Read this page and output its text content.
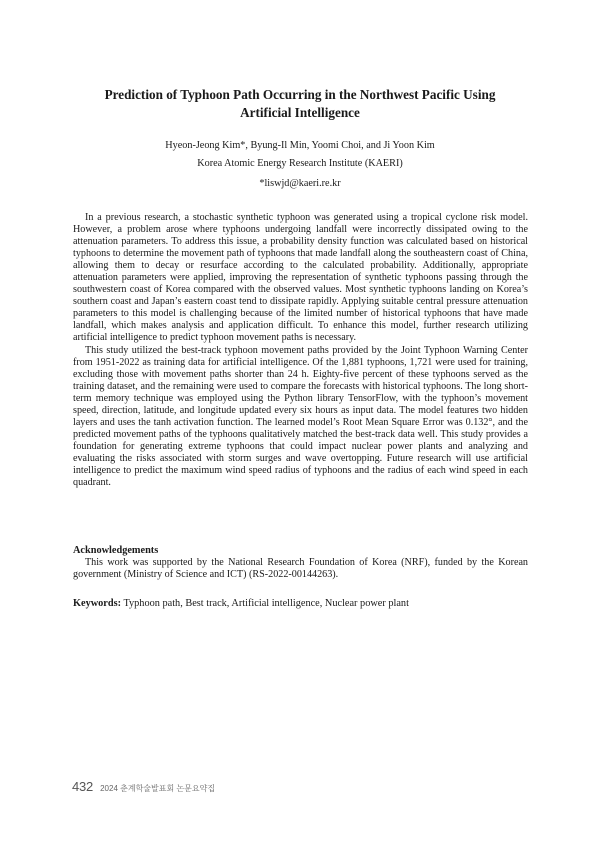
Prediction of Typhoon Path Occurring in the Northwest Pacific Using
Artificial Intelligence
Hyeon-Jeong Kim*, Byung-Il Min, Yoomi Choi, and Ji Yoon Kim
Korea Atomic Energy Research Institute (KAERI)
*liswjd@kaeri.re.kr

In a previous research, a stochastic synthetic typhoon was generated using a tropical cyclone risk model. However, a problem arose where typhoons undergoing landfall were incorrectly dissipated owing to the attenuation parameters. To address this issue, a probability density function was calculated based on historical typhoons to determine the movement path of typhoons that made landfall along the southeastern coast of China, allowing them to decay or resurface according to the calculated probability. Additionally, appropriate attenuation parameters were applied, improving the representation of synthetic typhoons passing through the southwestern coast of Korea compared with the observed values. Most synthetic typhoons landing on Korea’s southern coast and Japan’s eastern coast tend to dissipate rapidly. Applying suitable central pressure attenuation parameters to this model is challenging because of the limited number of historical typhoons that have made landfall, which makes analysis and application difficult. To enhance this model, further research utilizing artificial intelligence to predict typhoon movement paths is necessary.

This study utilized the best-track typhoon movement paths provided by the Joint Typhoon Warning Center from 1951-2022 as training data for artificial intelligence. Of the 1,881 typhoons, 1,721 were used for training, excluding those with movement paths shorter than 24 h. Eighty-five percent of these typhoons served as the training dataset, and the remaining were used to compare the forecasts with historical typhoons. The long short-term memory technique was employed using the Python library TensorFlow, with the typhoon’s movement speed, direction, latitude, and longitude updated every six hours as input data. The model features two hidden layers and uses the tanh activation function. The learned model’s Root Mean Square Error was 0.132°, and the predicted movement paths of the typhoons qualitatively matched the best-track data well. This study provides a foundation for generating extreme typhoons that could impact nuclear power plants and analyzing and evaluating the risks associated with storm surges and wave overtopping. Future research will use artificial intelligence to predict the maximum wind speed radius of typhoons and the radius of each wind speed in each quadrant.

Acknowledgements
This work was supported by the National Research Foundation of Korea (NRF), funded by the Korean government (Ministry of Science and ICT) (RS-2022-00144263).
Keywords: Typhoon path, Best track, Artificial intelligence, Nuclear power plant
432 2024 춘계학술발표회 논문요약집
